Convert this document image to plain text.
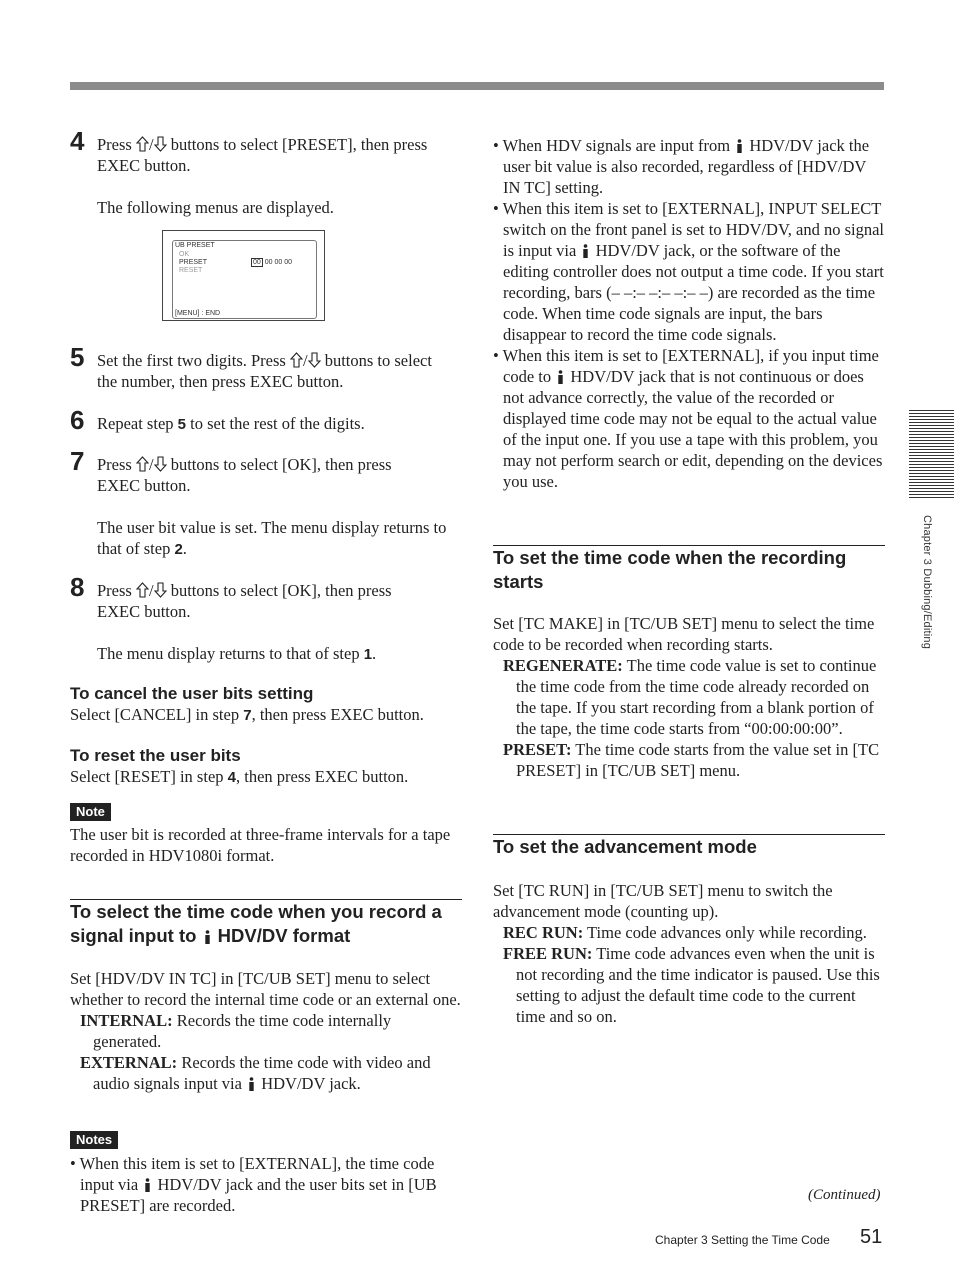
4 Press / buttons to select [PRESET], then press
EXEC button.

The following menus are displayed.

UB PRESET
OK
PRESET
RESET
00 00 00 00
[MENU] : END
5 Set the first two digits. Press / buttons to select
the number, then press EXEC button.

6 Repeat step 5 to set the rest of the digits.

7 Press / buttons to select [OK], then press
EXEC button.

The user bit value is set. The menu display returns to that of step 2.

8 Press / buttons to select [OK], then press
EXEC button.

The menu display returns to that of step 1.

To cancel the user bits setting
Select [CANCEL] in step 7, then press EXEC button.
To reset the user bits
Select [RESET] in step 4, then press EXEC button.
Note
The user bit is recorded at three-frame intervals for a tape recorded in HDV1080i format.
To select the time code when you record a signal input to  HDV/DV format

Set [HDV/DV IN TC] in [TC/UB SET] menu to select whether to record the internal time code or an external one.

INTERNAL: Records the time code internally generated.

EXTERNAL: Records the time code with video and audio signals input via  HDV/DV jack.

Notes
• When this item is set to [EXTERNAL], the time code input via  HDV/DV jack and the user bits set in [UB PRESET] are recorded.
• When HDV signals are input from  HDV/DV jack the user bit value is also recorded, regardless of [HDV/DV IN TC] setting.
• When this item is set to [EXTERNAL], INPUT SELECT switch on the front panel is set to HDV/DV, and no signal is input via  HDV/DV jack, or the software of the editing controller does not output a time code. If you start recording, bars (– –:– –:– –:– –) are recorded as the time code. When time code signals are input, the bars disappear to record the time code signals.
• When this item is set to [EXTERNAL], if you input time code to  HDV/DV jack that is not continuous or does not advance correctly, the value of the recorded or displayed time code may not be equal to the actual value of the input one. If you use a tape with this problem, you may not perform search or edit, depending on the devices you use.
To set the time code when the recording starts

Set [TC MAKE] in [TC/UB SET] menu to select the time code to be recorded when recording starts.

REGENERATE: The time code value is set to continue the time code from the time code already recorded on the tape. If you start recording from a blank portion of the tape, the time code starts from “00:00:00:00”.

PRESET: The time code starts from the value set in [TC PRESET] in [TC/UB SET] menu.

To set the advancement mode

Set [TC RUN] in [TC/UB SET] menu to switch the advancement mode (counting up).

REC RUN: Time code advances only while recording.

FREE RUN: Time code advances even when the unit is not recording and the time indicator is paused. Use this setting to adjust the default time code to the current time and so on.

Chapter 3 Dubbing/Editing
(Continued)
Chapter 3 Setting the Time Code 51
